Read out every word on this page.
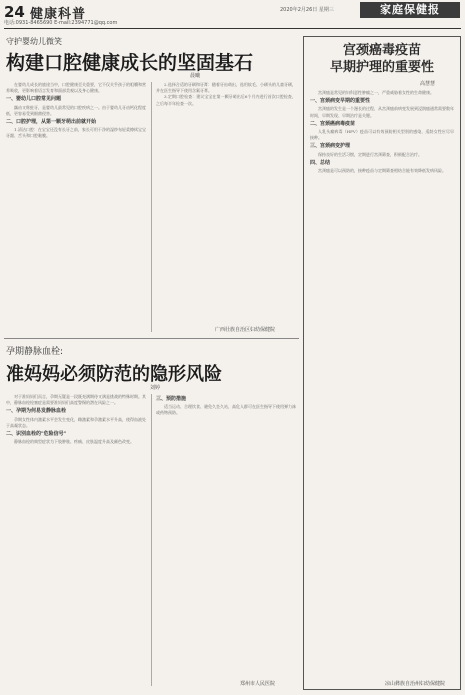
24 健康科普
电话:0931-8465690 E-mail:2394771@qq.com
2020年2月26日 星期三	家庭保健报
守护婴幼儿微笑
构建口腔健康成长的坚固基石
晨曦

在婴幼儿成长的旅途当中，口腔健康至关重要，它不仅关乎孩子的咀嚼和营养吸收，更影响着语言发育和面部美观以及身心健康。

一、婴幼儿口腔常见问题

龋齿又称蛀牙，是婴幼儿最常见的口腔疾病之一。由于婴幼儿牙齿钙化程度低，更容易受到细菌侵害。

二、口腔护理，从第一颗牙萌出前就开始

1.清洁口腔：在宝宝还没有长牙之前，家长可用干净的湿纱布轻柔擦拭宝宝牙龈、舌头和口腔黏膜。

2.选择合适的牙刷和牙膏：随着牙齿萌出，选用软毛、小刷头的儿童牙刷，并在医生指导下使用含氟牙膏。

3.定期口腔检查：建议宝宝在第一颗牙萌出后6个月内进行首次口腔检查，之后每半年检查一次。

广西壮族自治区妇幼保健院
孕期静脉血栓:
准妈妈必须防范的隐形风险
刘婷

对于准妈妈们而言，孕期无疑是一段既充满期待又满是挑战的特殊时期。其中，静脉血栓栓塞症是需要准妈妈们高度警惕的潜在风险之一。

一、孕期为何易发静脉血栓

孕期女性体内激素水平会发生变化，雌激素和孕激素水平升高，使得血液处于高凝状态。

二、识别血栓的"危险信号"

静脉血栓的典型症状为下肢肿胀、疼痛、皮肤温度升高及颜色改变。

三、预防措施

适当运动、合理饮食、避免久坐久站，高危人群可在医生指导下使用弹力袜或药物预防。

郑州市人民医院
宫颈癌毒疫苗
早期护理的重要性
高慧慧

宫颈癌是常见的妇科恶性肿瘤之一，严重威胁着女性的生命健康。

一、宫颈病变早期的重要性

宫颈癌的发生是一个漫长的过程，从宫颈癌前病变发展到浸润癌通常需要数年时间，早期发现、早期治疗是关键。

二、宫颈癌病毒疫苗

人乳头瘤病毒（HPV）疫苗可以有效预防相关型别的感染，适龄女性应尽早接种。

三、宫颈病变护理

保持良好的生活习惯，定期进行宫颈筛查，积极配合治疗。

四、总结

宫颈癌是可以预防的，接种疫苗与定期筛查相结合能有效降低发病风险。

凉山彝族自治州妇幼保健院
